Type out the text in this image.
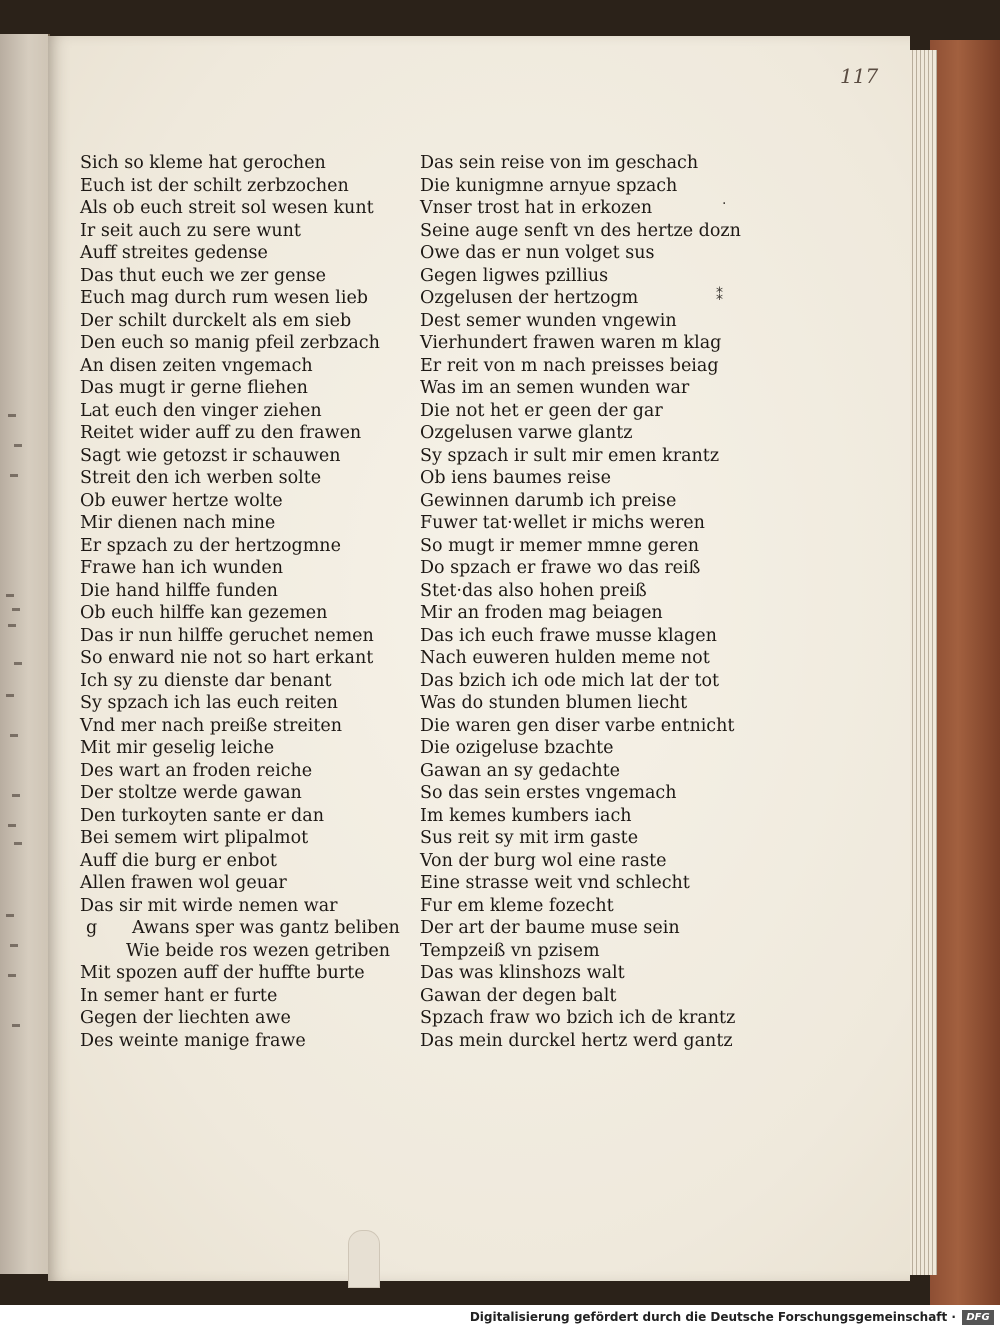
117
Sich so kleme hat gerochen
Euch ist der schilt zerbzochen
Als ob euch streit sol wesen kunt
Ir seit auch zu sere wunt
Auff streites gedense
Das thut euch we zer gense
Euch mag durch rum wesen lieb
Der schilt durckelt als em sieb
Den euch so manig pfeil zerbzach
An disen zeiten vngemach
Das mugt ir gerne fliehen
Lat euch den vinger ziehen
Reitet wider auff zu den frawen
Sagt wie getozst ir schauwen
Streit den ich werben solte
Ob euwer hertze wolte
Mir dienen nach mine
Er spzach zu der hertzogmne
Frawe han ich wunden
Die hand hilffe funden
Ob euch hilffe kan gezemen
Das ir nun hilffe geruchet nemen
So enward nie not so hart erkant
Ich sy zu dienste dar benant
Sy spzach ich las euch reiten
Vnd mer nach preiße streiten
Mit mir geselig leiche
Des wart an froden reiche
Der stoltze werde gawan
Den turkoyten sante er dan
Bei semem wirt plipalmot
Auff die burg er enbot
Allen frawen wol geuar
Das sir mit wirde nemen war
g Awans sper was gantz beliben
Wie beide ros wezen getriben
Mit spozen auff der huffte burte
In semer hant er furte
Gegen der liechten awe
Des weinte manige frawe
Das sein reise von im geschach
Die kunigmne arnyue spzach
Vnser trost hat in erkozen
Seine auge senft vn des hertze dozn
Owe das er nun volget sus
Gegen ligwes pzillius
Ozgelusen der hertzogm
Dest semer wunden vngewin
Vierhundert frawen waren m klag
Er reit von m nach preisses beiag
Was im an semen wunden war
Die not het er geen der gar
Ozgelusen varwe glantz
Sy spzach ir sult mir emen krantz
Ob iens baumes reise
Gewinnen darumb ich preise
Fuwer tat·wellet ir michs weren
So mugt ir memer mmne geren
Do spzach er frawe wo das reiß
Stet·das also hohen preiß
Mir an froden mag beiagen
Das ich euch frawe musse klagen
Nach euweren hulden meme not
Das bzich ich ode mich lat der tot
Was do stunden blumen liecht
Die waren gen diser varbe entnicht
Die ozigeluse bzachte
Gawan an sy gedachte
So das sein erstes vngemach
Im kemes kumbers iach
Sus reit sy mit irm gaste
Von der burg wol eine raste
Eine strasse weit vnd schlecht
Fur em kleme fozecht
Der art der baume muse sein
Tempzeiß vn pzisem
Das was klinshozs walt
Gawan der degen balt
Spzach fraw wo bzich ich de krantz
Das mein durckel hertz werd gantz
·
⁑
Digitalisierung gefördert durch die Deutsche Forschungsgemeinschaft ·	DFG
